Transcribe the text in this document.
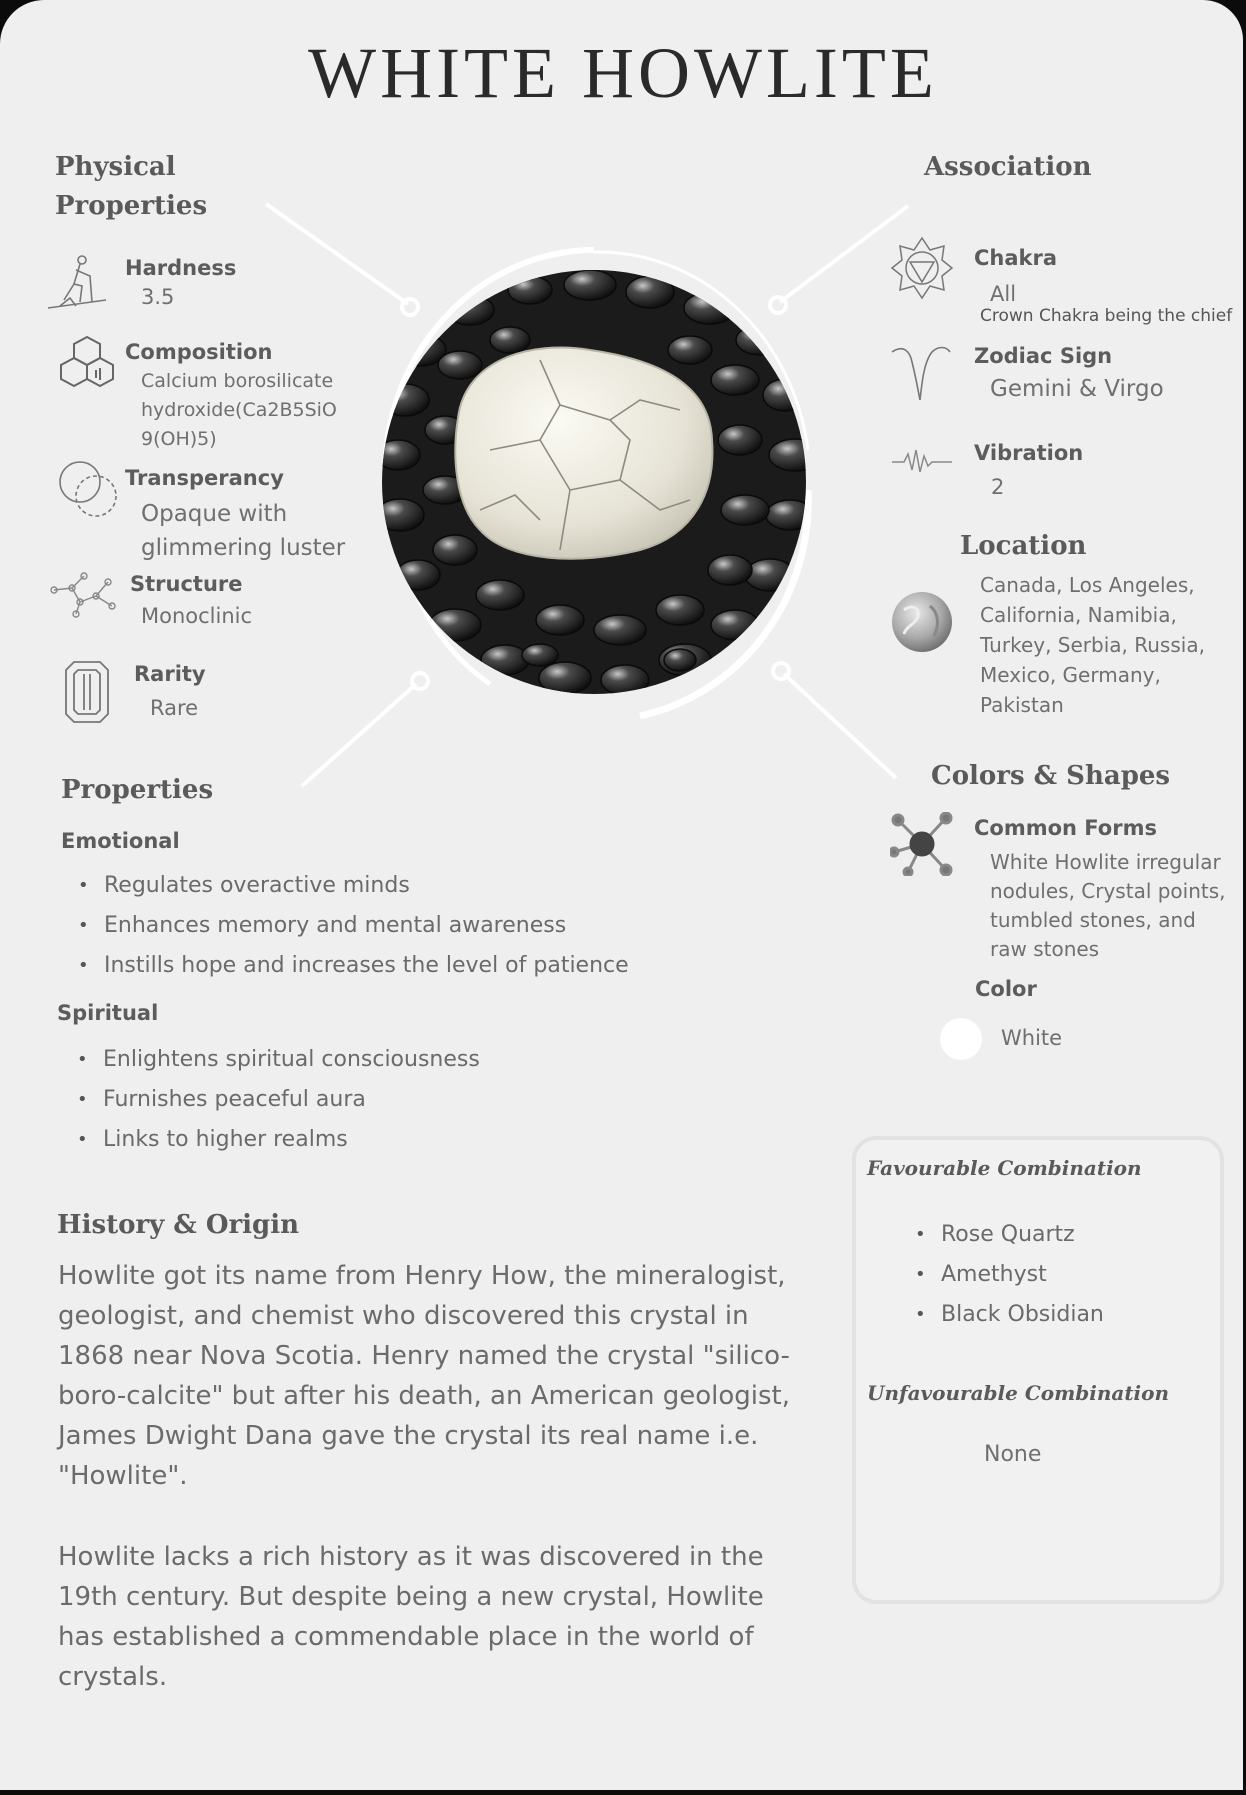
WHITE HOWLITE
Physical Properties
Hardness
3.5
Composition
Calcium borosilicate
hydroxide(Ca2B5SiO
9(OH)5)
Transperancy
Opaque with
glimmering luster
Structure
Monoclinic
Rarity
Rare
Association
Chakra
All
Crown Chakra being the chief
Zodiac Sign
Gemini & Virgo
Vibration
2
Location
Canada, Los Angeles,
California, Namibia,
Turkey, Serbia, Russia,
Mexico, Germany,
Pakistan
Colors & Shapes
Common Forms
White Howlite irregular
nodules, Crystal points,
tumbled stones, and
raw stones
Color
White
Properties
Emotional
• Regulates overactive minds
• Enhances memory and mental awareness
• Instills hope and increases the level of patience
Spiritual
• Enlightens spiritual consciousness
• Furnishes peaceful aura
• Links to higher realms
History & Origin
Howlite got its name from Henry How, the mineralogist,
geologist, and chemist who discovered this crystal in
1868 near Nova Scotia. Henry named the crystal "silico-
boro-calcite" but after his death, an American geologist,
James Dwight Dana gave the crystal its real name i.e.
"Howlite".
Howlite lacks a rich history as it was discovered in the
19th century. But despite being a new crystal, Howlite
has established a commendable place in the world of
crystals.
Favourable Combination
• Rose Quartz
• Amethyst
• Black Obsidian
Unfavourable Combination
None
